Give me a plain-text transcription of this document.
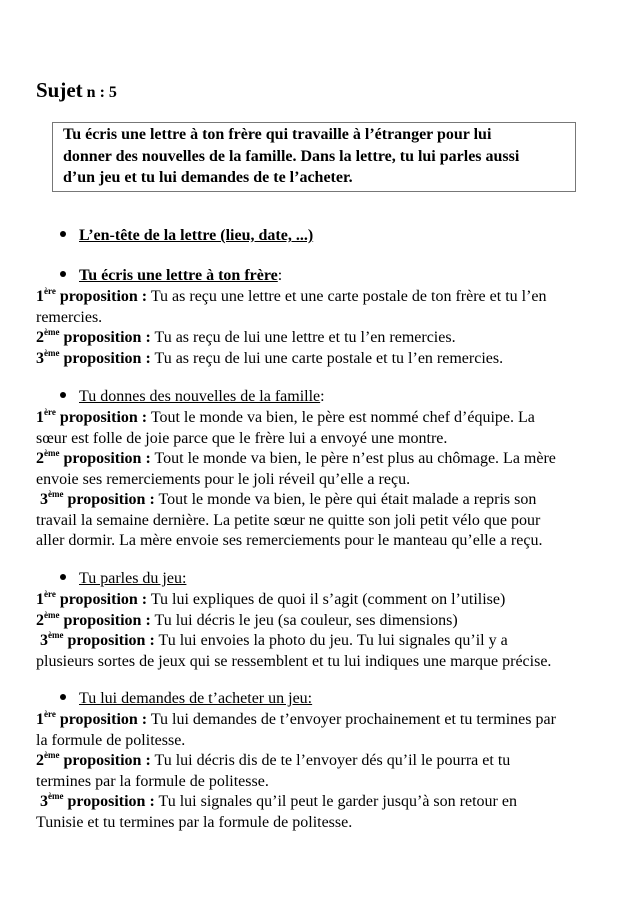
Sujet n : 5
Tu écris une lettre à ton frère qui travaille à l’étranger pour lui
donner des nouvelles de la famille. Dans la lettre, tu lui parles aussi
d’un jeu et tu lui demandes de te l’acheter.
L’en-tête de la lettre (lieu, date, ...)
Tu écris une lettre à ton frère:
1ère proposition : Tu as reçu une lettre et une carte postale de ton frère et tu l’en
remercies.
2ème proposition : Tu as reçu de lui une lettre et tu l’en remercies.
3ème proposition : Tu as reçu de lui une carte postale et tu l’en remercies.
Tu donnes des nouvelles de la famille:
1ère proposition : Tout le monde va bien, le père est nommé chef d’équipe. La
sœur est folle de joie parce que le frère lui a envoyé une montre.
2ème proposition : Tout le monde va bien, le père n’est plus au chômage. La mère
envoie ses remerciements pour le joli réveil qu’elle a reçu.
3ème proposition : Tout le monde va bien, le père qui était malade a repris son
travail la semaine dernière. La petite sœur ne quitte son joli petit vélo que pour
aller dormir. La mère envoie ses remerciements pour le manteau qu’elle a reçu.
Tu parles du jeu:
1ère proposition : Tu lui expliques de quoi il s’agit (comment on l’utilise)
2ème proposition : Tu lui décris le jeu (sa couleur, ses dimensions)
3ème proposition : Tu lui envoies la photo du jeu. Tu lui signales qu’il y a
plusieurs sortes de jeux qui se ressemblent et tu lui indiques une marque précise.
Tu lui demandes de t’acheter un jeu:
1ère proposition : Tu lui demandes de t’envoyer prochainement et tu termines par
la formule de politesse.
2ème proposition : Tu lui décris dis de te l’envoyer dés qu’il le pourra et tu
termines par la formule de politesse.
3ème proposition : Tu lui signales qu’il peut le garder jusqu’à son retour en
Tunisie et tu termines par la formule de politesse.
